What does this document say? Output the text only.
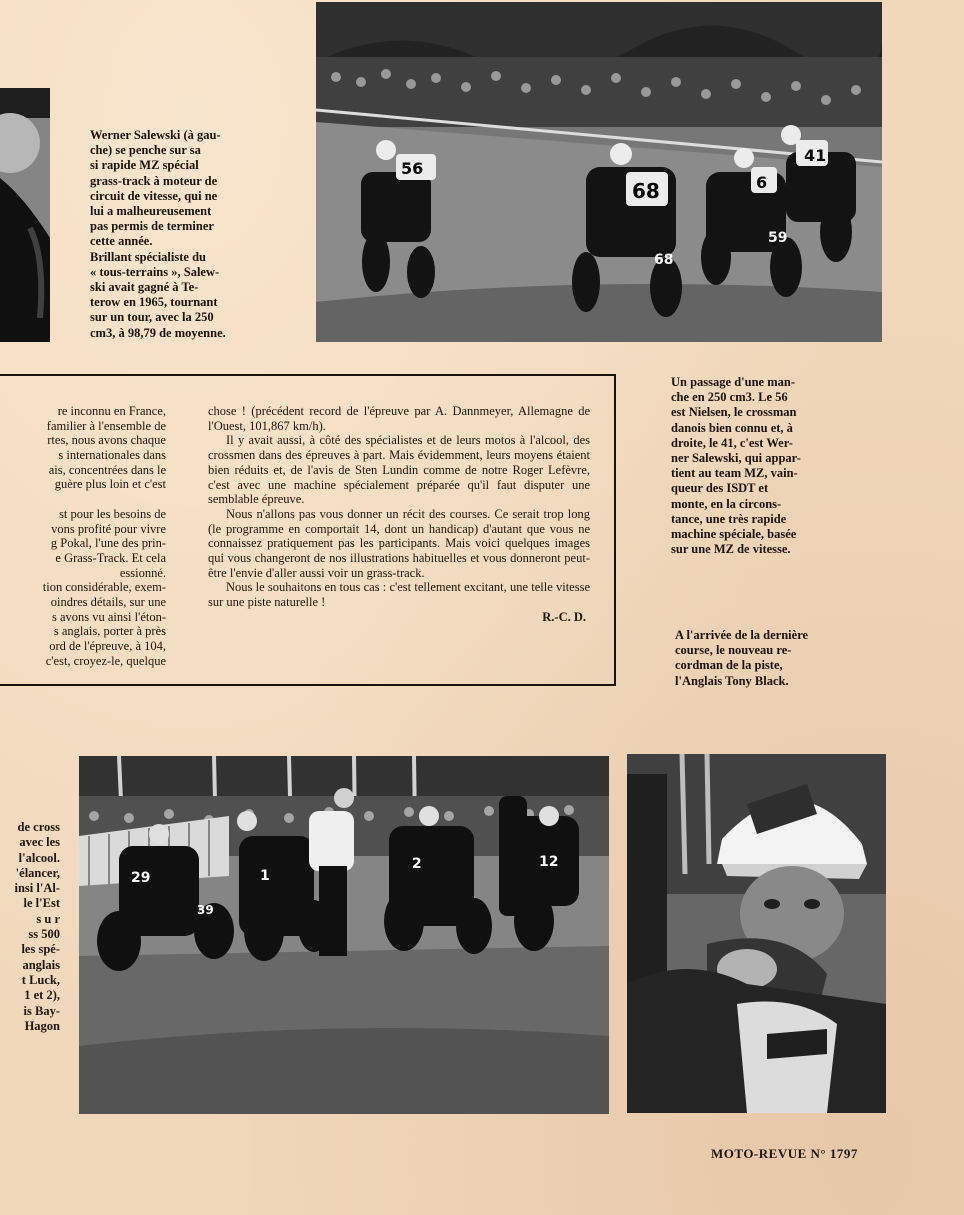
56
68	6
41
59
68

Werner Salewski (à gau-

che) se penche sur sa

si rapide MZ spécial

grass-track à moteur de

circuit de vitesse, qui ne

lui a malheureusement

pas permis de terminer

cette année.

Brillant spécialiste du

« tous-terrains », Salew-

ski avait gagné à Te-

terow en 1965, tournant

sur un tour, avec la 250

cm3, à 98,79 de moyenne.

re inconnu en France,
familier à l'ensemble de
rtes, nous avons chaque
s internationales dans
ais, concentrées dans le
guère plus loin et c'est
st pour les besoins de
vons profité pour vivre
g Pokal, l'une des prin-
e Grass-Track. Et cela
essionné.
tion considérable, exem-
oindres détails, sur une
s avons vu ainsi l'éton-
s anglais, porter à près
ord de l'épreuve, à 104,
c'est, croyez-le, quelque

chose ! (précédent record de l'épreuve par A. Dannmeyer, Allemagne de l'Ouest, 101,867 km/h).

Il y avait aussi, à côté des spécialistes et de leurs motos à l'alcool, des crossmen dans des épreuves à part. Mais évidemment, leurs moyens étaient bien réduits et, de l'avis de Sten Lundin comme de notre Roger Lefèvre, c'est avec une machine spécialement préparée qu'il faut disputer une semblable épreuve.

Nous n'allons pas vous donner un récit des courses. Ce serait trop long (le programme en comportait 14, dont un handicap) d'autant que vous ne connaissez pratiquement pas les participants. Mais voici quelques images qui vous changeront de nos illustrations habituelles et vous donneront peut-être l'envie d'aller aussi voir un grass-track.

Nous le souhaitons en tous cas : c'est tellement excitant, une telle vitesse sur une piste naturelle !

R.-C. D.

Un passage d'une man-

che en 250 cm3. Le 56

est Nielsen, le crossman

danois bien connu et, à

droite, le 41, c'est Wer-

ner Salewski, qui appar-

tient au team MZ, vain-

queur des ISDT et

monte, en la circons-

tance, une très rapide

machine spéciale, basée

sur une MZ de vitesse.

A l'arrivée de la dernière

course, le nouveau re-

cordman de la piste,

l'Anglais Tony Black.

de cross
avec les
l'alcool.
'élancer,
insi l'Al-
le l'Est
s u r
ss 500
les spé-
anglais
t Luck,
1 et 2),
is Bay-
Hagon
29	1
2	12
39
MOTO-REVUE N° 1797
